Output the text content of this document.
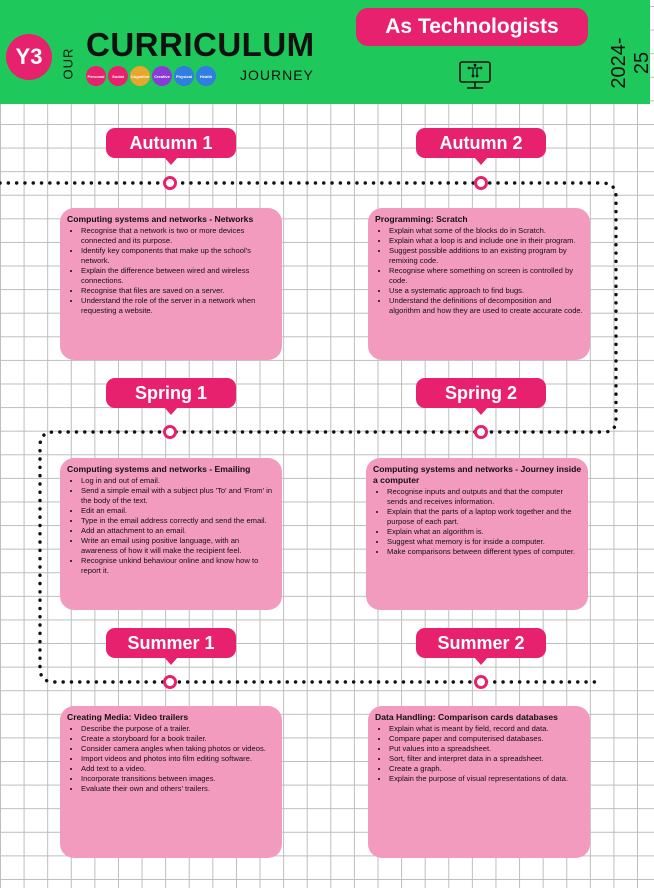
Y3	OUR
CURRICULUM
Personal Social Cognitive Creative Physical Health JOURNEY
As Technologists
2024-25
Autumn 1
Computing systems and networks - Networks
• Recognise that a network is two or more devices connected and its purpose.
• Identify key components that make up the school's network.
• Explain the difference between wired and wireless connections.
• Recognise that files are saved on a server.
• Understand the role of the server in a network when requesting a website.
Autumn 2
Programming: Scratch
• Explain what some of the blocks do in Scratch.
• Explain what a loop is and include one in their program.
• Suggest possible additions to an existing program by remixing code.
• Recognise where something on screen is controlled by code.
• Use a systematic approach to find bugs.
• Understand the definitions of decomposition and algorithm and how they are used to create accurate code.
Spring 1
Computing systems and networks - Emailing
• Log in and out of email.
• Send a simple email with a subject plus 'To' and 'From' in the body of the text.
• Edit an email.
• Type in the email address correctly and send the email.
• Add an attachment to an email.
• Write an email using positive language, with an awareness of how it will make the recipient feel.
• Recognise unkind behaviour online and know how to report it.
Spring 2
Computing systems and networks - Journey inside a computer
• Recognise inputs and outputs and that the computer sends and receives information.
• Explain that the parts of a laptop work together and the purpose of each part.
• Explain what an algorithm is.
• Suggest what memory is for inside a computer.
• Make comparisons between different types of computer.
Summer 1
Creating Media: Video trailers
• Describe the purpose of a trailer.
• Create a storyboard for a book trailer.
• Consider camera angles when taking photos or videos.
• Import videos and photos into film editing software.
• Add text to a video.
• Incorporate transitions between images.
• Evaluate their own and others' trailers.
Summer 2
Data Handling: Comparison cards databases
• Explain what is meant by field, record and data.
• Compare paper and computerised databases.
• Put values into a spreadsheet.
• Sort, filter and interpret data in a spreadsheet.
• Create a graph.
• Explain the purpose of visual representations of data.
